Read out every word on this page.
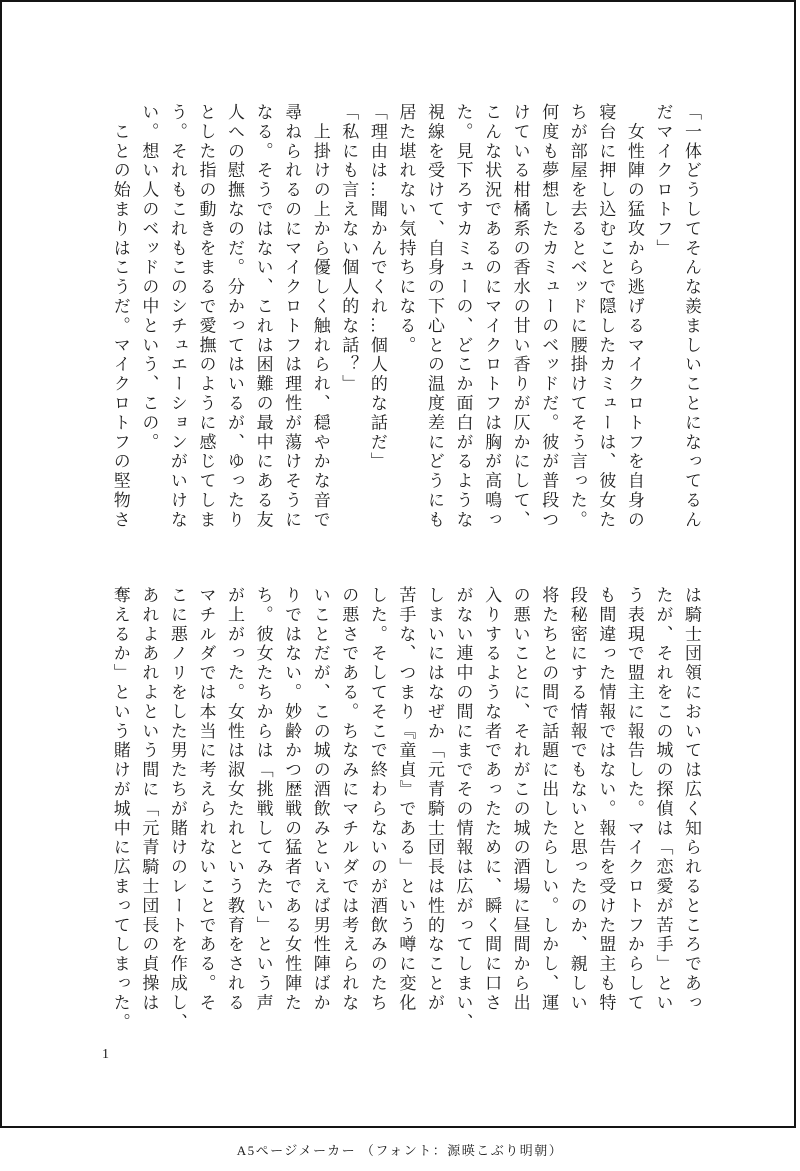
「一体どうしてそんな羨ましいことになってるん
だマイクロトフ」
　女性陣の猛攻から逃げるマイクロトフを自身の
寝台に押し込むことで隠したカミューは、彼女た
ちが部屋を去るとベッドに腰掛けてそう言った。
何度も夢想したカミューのベッドだ。彼が普段つ
けている柑橘系の香水の甘い香りが仄かにして、
こんな状況であるのにマイクロトフは胸が高鳴っ
た。見下ろすカミューの、どこか面白がるような
視線を受けて、自身の下心との温度差にどうにも
居た堪れない気持ちになる。
「理由は…聞かんでくれ…個人的な話だ」
「私にも言えない個人的な話？」
　上掛けの上から優しく触れられ、穏やかな音で
尋ねられるのにマイクロトフは理性が蕩けそうに
なる。そうではない、これは困難の最中にある友
人への慰撫なのだ。分かってはいるが、ゆったり
とした指の動きをまるで愛撫のように感じてしま
う。それもこれもこのシチュエーションがいけな
い。想い人のベッドの中という、この。
　ことの始まりはこうだ。マイクロトフの堅物さ
は騎士団領においては広く知られるところであっ
たが、それをこの城の探偵は「恋愛が苦手」とい
う表現で盟主に報告した。マイクロトフからして
も間違った情報ではない。報告を受けた盟主も特
段秘密にする情報でもないと思ったのか、親しい
将たちとの間で話題に出したらしい。しかし、運
の悪いことに、それがこの城の酒場に昼間から出
入りするような者であったために、瞬く間に口さ
がない連中の間にまでその情報は広がってしまい、
しまいにはなぜか「元青騎士団長は性的なことが
苦手な、つまり『童貞』である」という噂に変化
した。そしてそこで終わらないのが酒飲みのたち
の悪さである。ちなみにマチルダでは考えられな
いことだが、この城の酒飲みといえば男性陣ばか
りではない。妙齢かつ歴戦の猛者である女性陣た
ち。彼女たちからは「挑戦してみたい」という声
が上がった。女性は淑女たれという教育をされる
マチルダでは本当に考えられないことである。そ
こに悪ノリをした男たちが賭けのレートを作成し、
あれよあれよという間に「元青騎士団長の貞操は
奪えるか」という賭けが城中に広まってしまった。
1
A5ページメーカー （フォント：源暎こぶり明朝）
